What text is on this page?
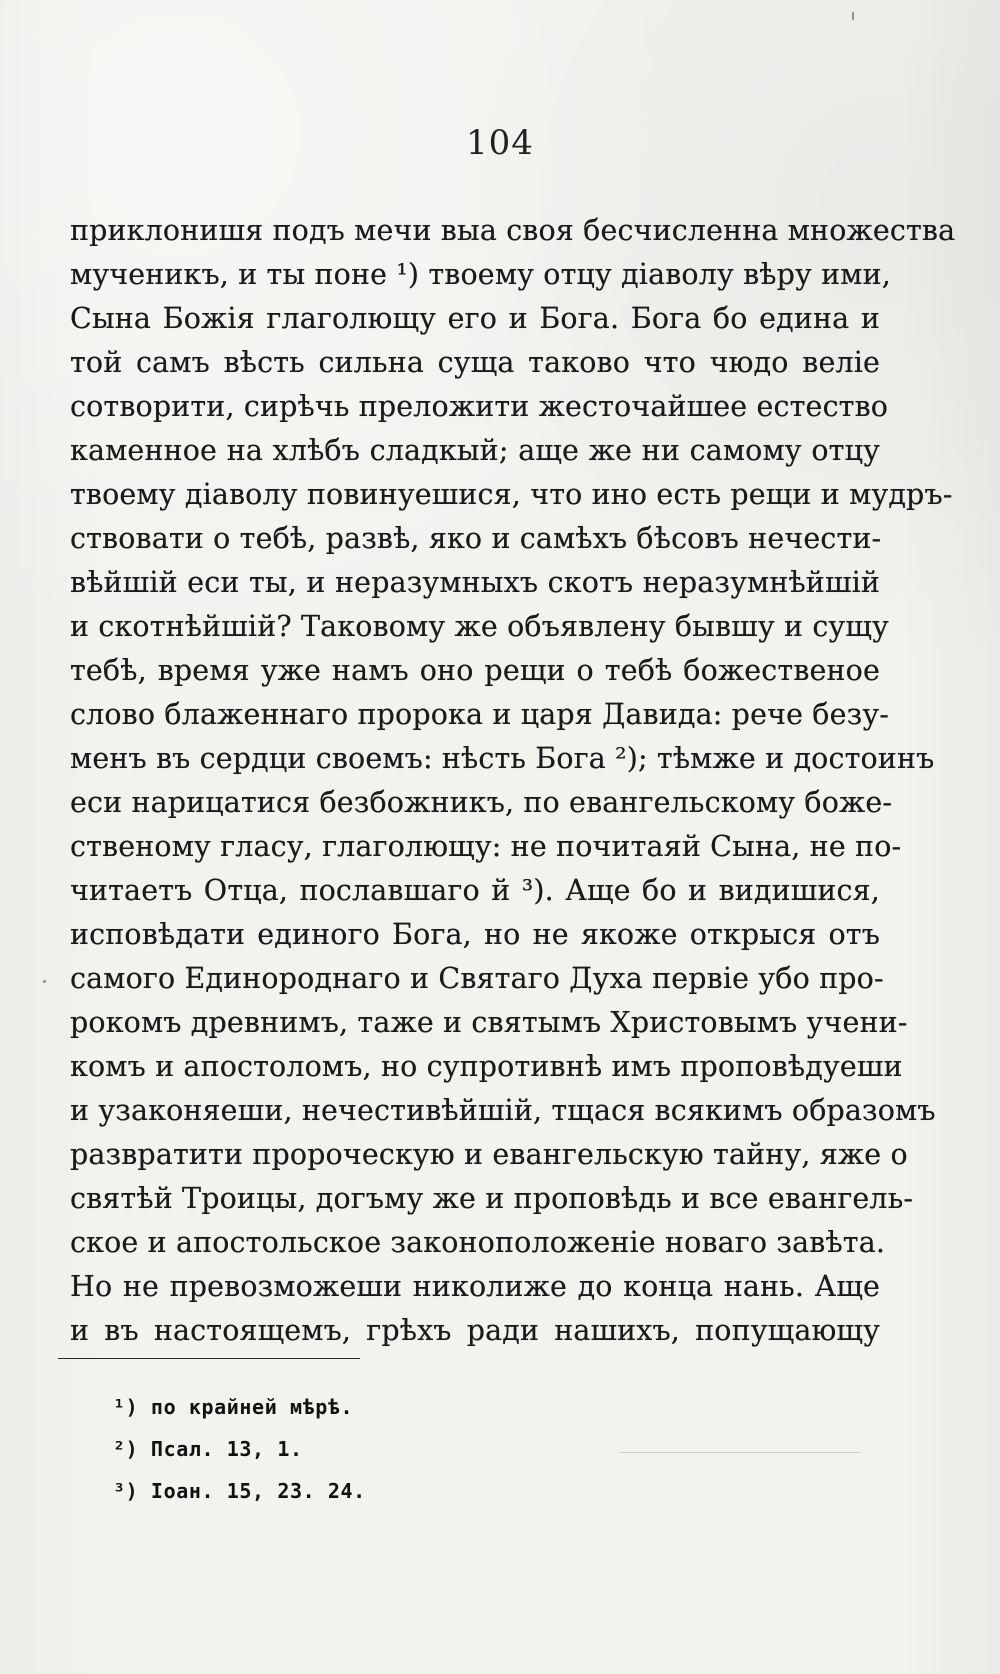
104
приклонишя подъ мечи выа своя бесчисленна множества
мученикъ, и ты поне ¹) твоему отцу діаволу вѣру ими,
Сына Божія глаголющу его и Бога. Бога бо едина и
той самъ вѣсть сильна суща таково что чюдо веліе
сотворити, сирѣчь преложити жесточайшее естество
каменное на хлѣбъ сладкый; аще же ни самому отцу
твоему діаволу повинуешися, что ино есть рещи и мудръ-
ствовати о тебѣ, развѣ, яко и самѣхъ бѣсовъ нечести-
вѣйшій еси ты, и неразумныхъ скотъ неразумнѣйшій
и скотнѣйшій? Таковому же объявлену бывшу и сущу
тебѣ, время уже намъ оно рещи о тебѣ божественое
слово блаженнаго пророка и царя Давида: рече безу-
менъ въ сердци своемъ: нѣсть Бога ²); тѣмже и достоинъ
еси нарицатися безбожникъ, по евангельскому боже-
ственому гласу, глаголющу: не почитаяй Сына, не по-
читаетъ Отца, пославшаго й ³). Аще бо и видишися,
исповѣдати единого Бога, но не якоже открыся отъ
самого Единороднаго и Святаго Духа первіе убо про-
рокомъ древнимъ, таже и святымъ Христовымъ учени-
комъ и апостоломъ, но супротивнѣ имъ проповѣдуеши
и узаконяеши, нечестивѣйшій, тщася всякимъ образомъ
развратити пророческую и евангельскую тайну, яже о
святѣй Троицы, догъму же и проповѣдь и все евангель-
ское и апостольское законоположеніе новаго завѣта.
Но не превозможеши николиже до конца нань. Аще
и въ настоящемъ, грѣхъ ради нашихъ, попущающу
¹) по крайней мѣрѣ.
²) Псал. 13, 1.
³) Іоан. 15, 23. 24.
